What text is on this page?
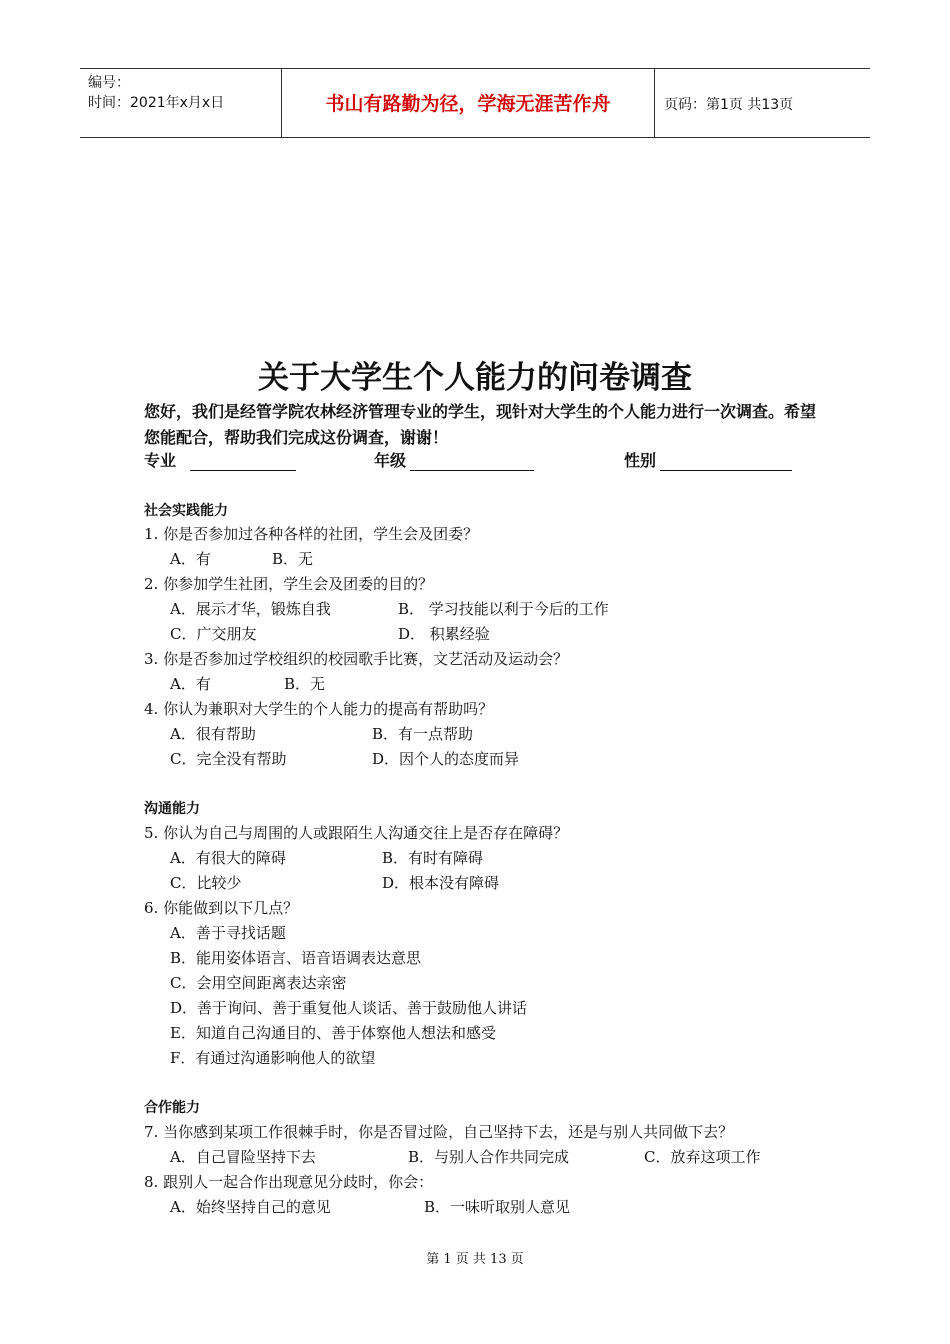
编号：
时间：2021年x月x日	书山有路勤为径，学海无涯苦作舟	页码：第1页 共13页
关于大学生个人能力的问卷调查
您好，我们是经管学院农林经济管理专业的学生，现针对大学生的个人能力进行一次调查。希望您能配合，帮助我们完成这份调查，谢谢！
专业	年级	性别
社会实践能力
1. 你是否参加过各种各样的社团，学生会及团委？
A．有	B．无
2. 你参加学生社团，学生会及团委的目的？
A．展示才华，锻炼自我	B． 学习技能以利于今后的工作
C．广交朋友	D． 积累经验
3. 你是否参加过学校组织的校园歌手比赛，文艺活动及运动会？
A．有	B．无
4. 你认为兼职对大学生的个人能力的提高有帮助吗？
A．很有帮助	B．有一点帮助
C．完全没有帮助	D．因个人的态度而异
沟通能力
5. 你认为自己与周围的人或跟陌生人沟通交往上是否存在障碍？
A．有很大的障碍	B．有时有障碍
C．比较少	D．根本没有障碍
6. 你能做到以下几点？
A．善于寻找话题
B．能用姿体语言、语音语调表达意思
C．会用空间距离表达亲密
D．善于询问、善于重复他人谈话、善于鼓励他人讲话
E．知道自己沟通目的、善于体察他人想法和感受
F．有通过沟通影响他人的欲望
合作能力
7. 当你感到某项工作很棘手时，你是否冒过险，自己坚持下去，还是与别人共同做下去？
A．自己冒险坚持下去	B．与别人合作共同完成	C．放弃这项工作
8. 跟别人一起合作出现意见分歧时，你会：
A．始终坚持自己的意见	B．一味听取别人意见
第 1 页 共 13 页
